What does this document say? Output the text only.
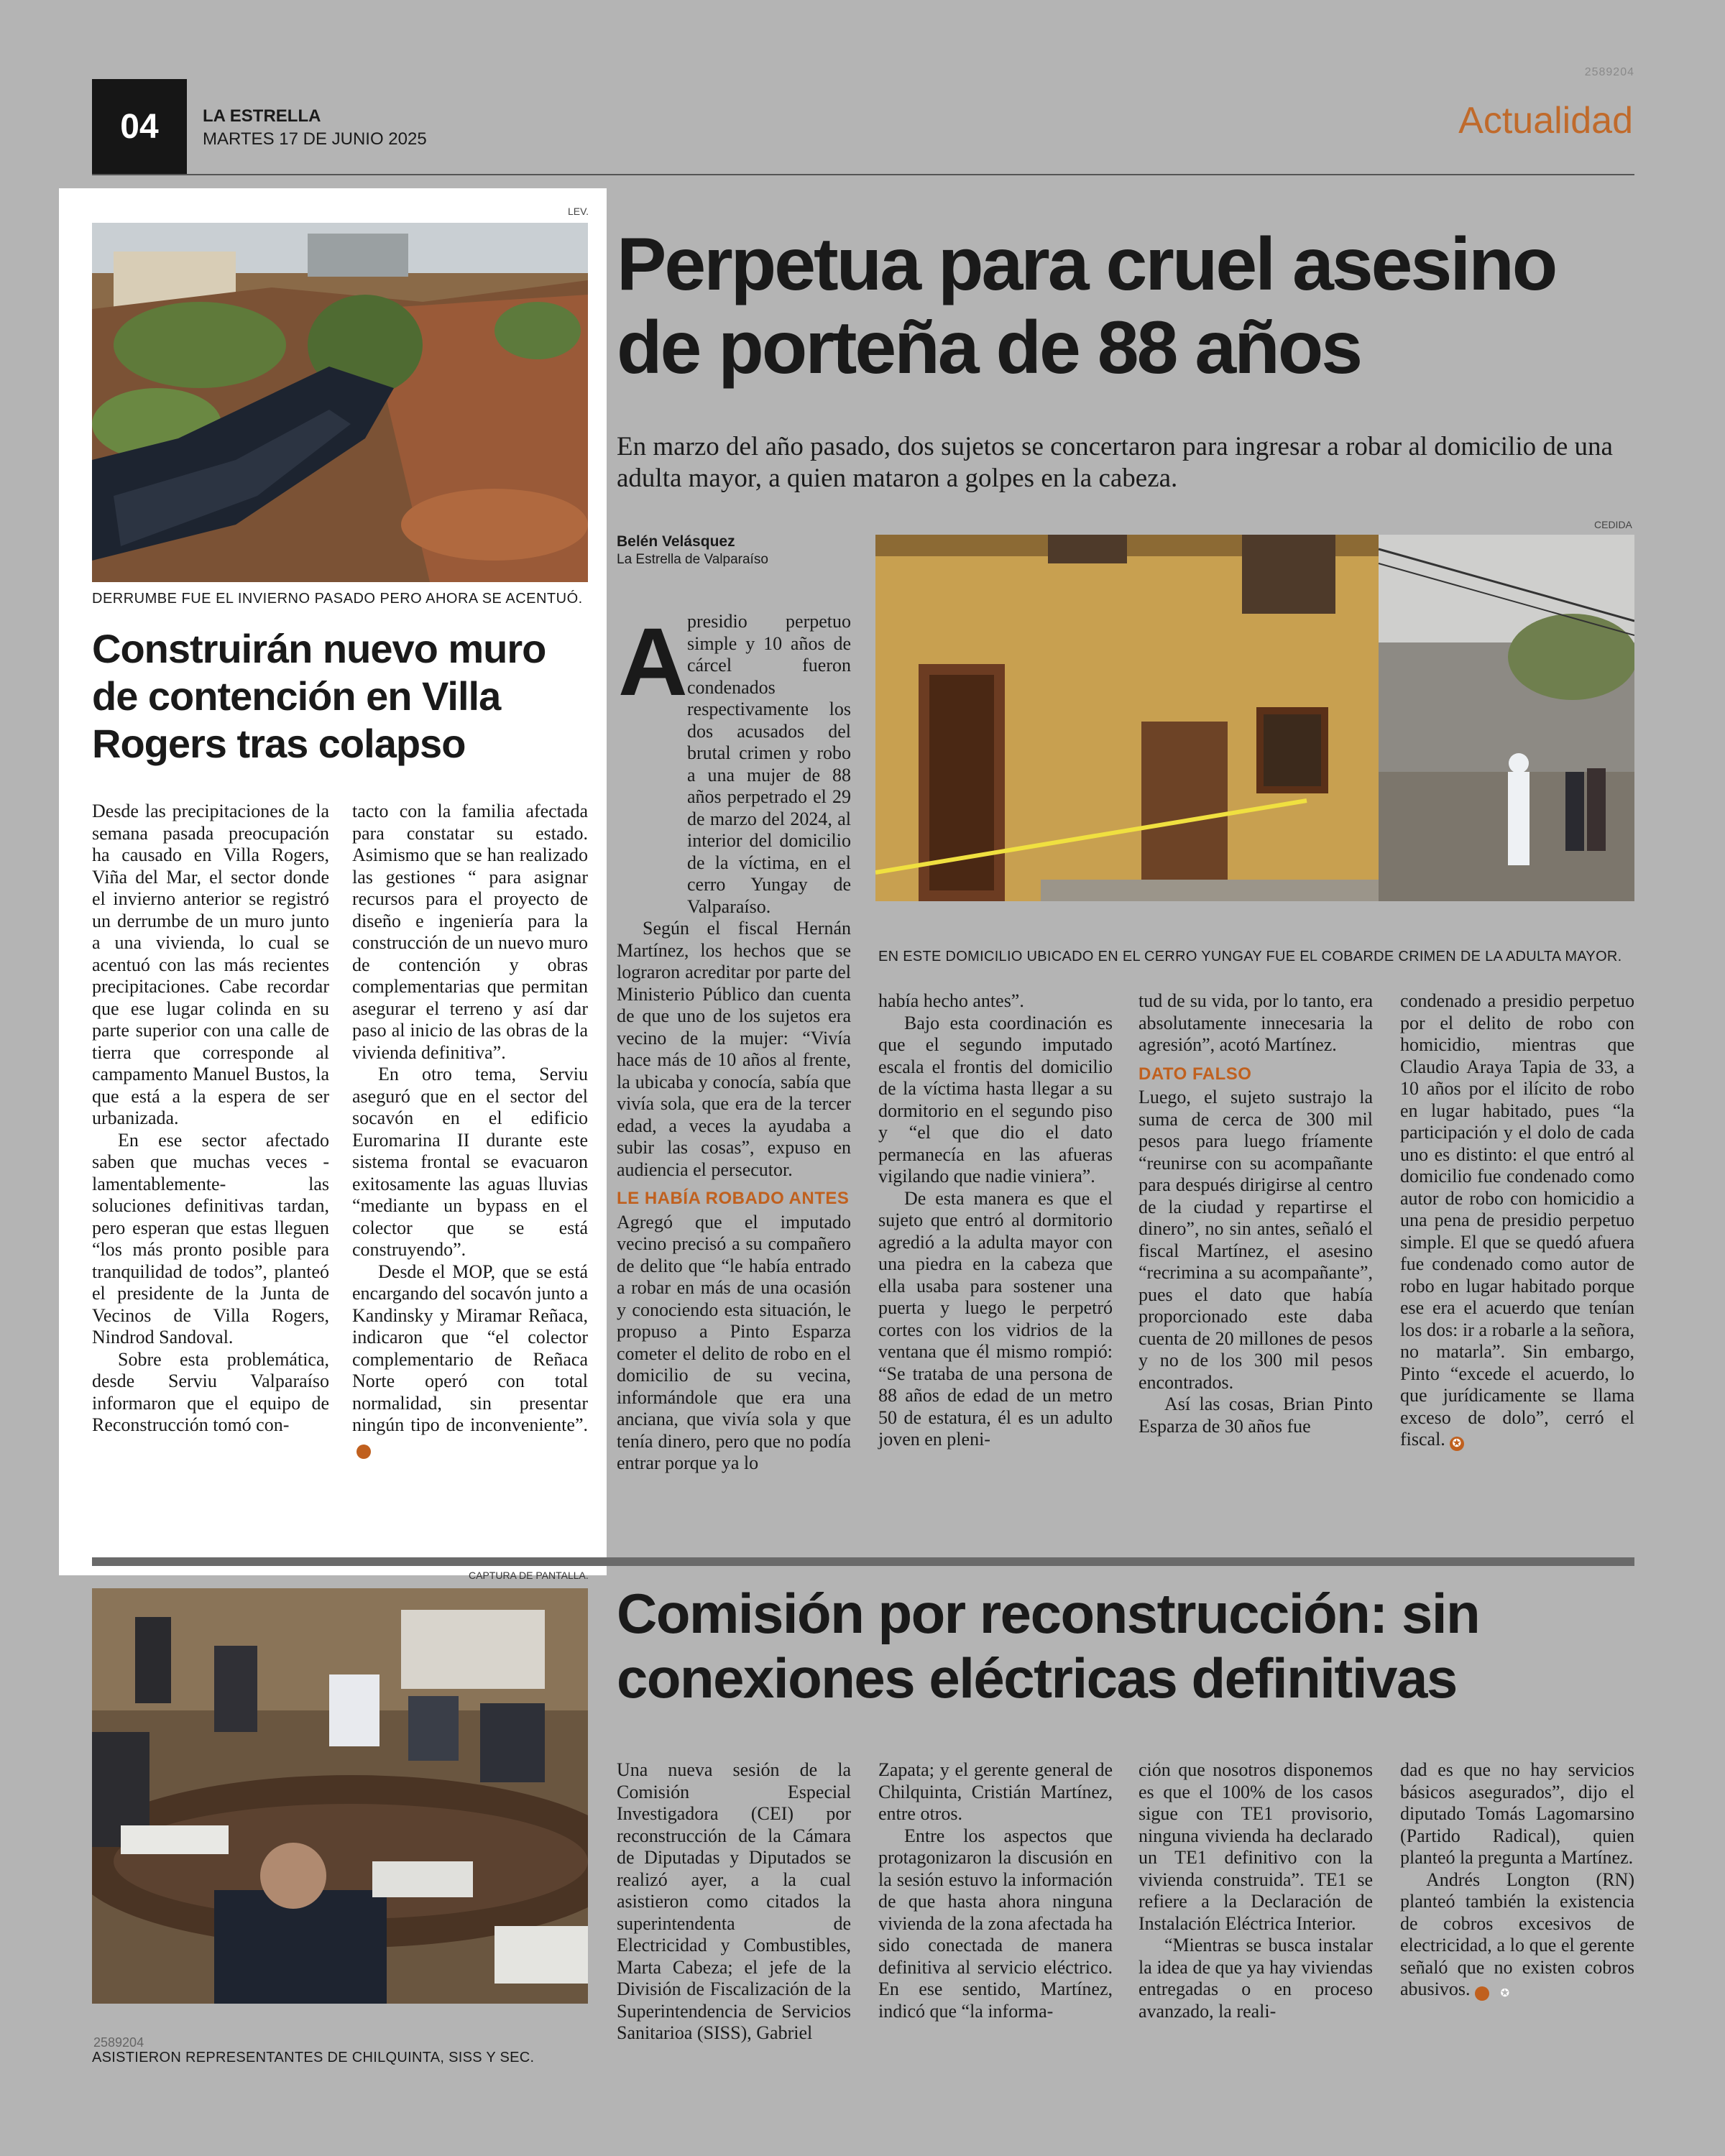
2589204
04	LA ESTRELLA
MARTES 17 DE JUNIO 2025	Actualidad
LEV.
DERRUMBE FUE EL INVIERNO PASADO PERO AHORA SE ACENTUÓ.
Construirán nuevo muro de contención en Villa Rogers tras colapso

Desde las precipitaciones de la semana pasada preocupación ha causado en Villa Rogers, Viña del Mar, el sector donde el invierno anterior se registró un derrumbe de un muro junto a una vivienda, lo cual se acentuó con las más recientes precipitaciones. Cabe recordar que ese lugar colinda en su parte superior con una calle de tierra que corresponde al campamento Manuel Bustos, la que está a la espera de ser urbanizada.

En ese sector afectado saben que muchas veces -lamentablemente- las soluciones definitivas tardan, pero esperan que estas lleguen “los más pronto posible para tranquilidad de todos”, planteó el presidente de la Junta de Vecinos de Villa Rogers, Nindrod Sandoval.

Sobre esta problemática, desde Serviu Valparaíso informaron que el equipo de Reconstrucción tomó con-

tacto con la familia afectada para constatar su estado. Asimismo que se han realizado las gestiones “ para asignar recursos para el proyecto de diseño e ingeniería para la construcción de un nuevo muro de contención y obras complementarias que permitan asegurar el terreno y así dar paso al inicio de las obras de la vivienda definitiva”.

En otro tema, Serviu aseguró que en el sector del socavón en el edificio Euromarina II durante este sistema frontal se evacuaron exitosamente las aguas lluvias “mediante un bypass en el colector que se está construyendo”.

Desde el MOP, que se está encargando del socavón junto a Kandinsky y Miramar Reñaca, indicaron que “el colector complementario de Reñaca Norte operó con total normalidad, sin presentar ningún tipo de inconveniente”.✪

Perpetua para cruel asesino de porteña de 88 años
En marzo del año pasado, dos sujetos se concertaron para ingresar a robar al domicilio de una adulta mayor, a quien mataron a golpes en la cabeza.
Belén Velásquez
La Estrella de Valparaíso
CEDIDA
EN ESTE DOMICILIO UBICADO EN EL CERRO YUNGAY FUE EL COBARDE CRIMEN DE LA ADULTA MAYOR.
A presidio perpetuo simple y 10 años de cárcel fueron condenados respectivamente los dos acusados del brutal crimen y robo a una mujer de 88 años perpetrado el 29 de marzo del 2024, al interior del domicilio de la víctima, en el cerro Yungay de Valparaíso.

Según el fiscal Hernán Martínez, los hechos que se lograron acreditar por parte del Ministerio Público dan cuenta de que uno de los sujetos era vecino de la mujer: “Vivía hace más de 10 años al frente, la ubicaba y conocía, sabía que vivía sola, que era de la tercer edad, a veces la ayudaba a subir las cosas”, expuso en audiencia el persecutor.

LE HABÍA ROBADO ANTES

Agregó que el imputado vecino precisó a su compañero de delito que “le había entrado a robar en más de una ocasión y conociendo esta situación, le propuso a Pinto Esparza cometer el delito de robo en el domicilio de su vecina, informándole que era una anciana, que vivía sola y que tenía dinero, pero que no podía entrar porque ya lo

había hecho antes”.

Bajo esta coordinación es que el segundo imputado escala el frontis del domicilio de la víctima hasta llegar a su dormitorio en el segundo piso y “el que dio el dato permanecía en las afueras vigilando que nadie viniera”.

De esta manera es que el sujeto que entró al dormitorio agredió a la adulta mayor con una piedra en la cabeza que ella usaba para sostener una puerta y luego le perpetró cortes con los vidrios de la ventana que él mismo rompió: “Se trataba de una persona de 88 años de edad de un metro 50 de estatura, él es un adulto joven en pleni-

tud de su vida, por lo tanto, era absolutamente innecesaria la agresión”, acotó Martínez.

DATO FALSO

Luego, el sujeto sustrajo la suma de cerca de 300 mil pesos para luego fríamente “reunirse con su acompañante para después dirigirse al centro de la ciudad y repartirse el dinero”, no sin antes, señaló el fiscal Martínez, el asesino “recrimina a su acompañante”, pues el dato que había proporcionado este daba cuenta de 20 millones de pesos y no de los 300 mil pesos encontrados.

Así las cosas, Brian Pinto Esparza de 30 años fue

condenado a presidio perpetuo por el delito de robo con homicidio, mientras que Claudio Araya Tapia de 33, a 10 años por el ilícito de robo en lugar habitado, pues “la participación y el dolo de cada uno es distinto: el que entró al domicilio fue condenado como autor de robo con homicidio a una pena de presidio perpetuo simple. El que se quedó afuera fue condenado como autor de robo en lugar habitado porque ese era el acuerdo que tenían los dos: ir a robarle a la señora, no matarla”. Sin embargo, Pinto “excede el acuerdo, lo que jurídicamente se llama exceso de dolo”, cerró el fiscal. ✪

CAPTURA DE PANTALLA.
2589204
ASISTIERON REPRESENTANTES DE CHILQUINTA, SISS Y SEC.
Comisión por reconstrucción: sin conexiones eléctricas definitivas

Una nueva sesión de la Comisión Especial Investigadora (CEI) por reconstrucción de la Cámara de Diputadas y Diputados se realizó ayer, a la cual asistieron como citados la superintendenta de Electricidad y Combustibles, Marta Cabeza; el jefe de la División de Fiscalización de la Superintendencia de Servicios Sanitarioa (SISS), Gabriel

Zapata; y el gerente general de Chilquinta, Cristián Martínez, entre otros.

Entre los aspectos que protagonizaron la discusión en la sesión estuvo la información de que hasta ahora ninguna vivienda de la zona afectada ha sido conectada de manera definitiva al servicio eléctrico. En ese sentido, Martínez, indicó que “la informa-

ción que nosotros disponemos es que el 100% de los casos sigue con TE1 provisorio, ninguna vivienda ha declarado un TE1 definitivo con la vivienda construida”. TE1 se refiere a la Declaración de Instalación Eléctrica Interior.

“Mientras se busca instalar la idea de que ya hay viviendas entregadas o en proceso avanzado, la reali-

dad es que no hay servicios básicos asegurados”, dijo el diputado Tomás Lagomarsino (Partido Radical), quien planteó la pregunta a Martínez.

Andrés Longton (RN) planteó también la existencia de cobros excesivos de electricidad, a lo que el gerente señaló que no existen cobros abusivos.	✪
